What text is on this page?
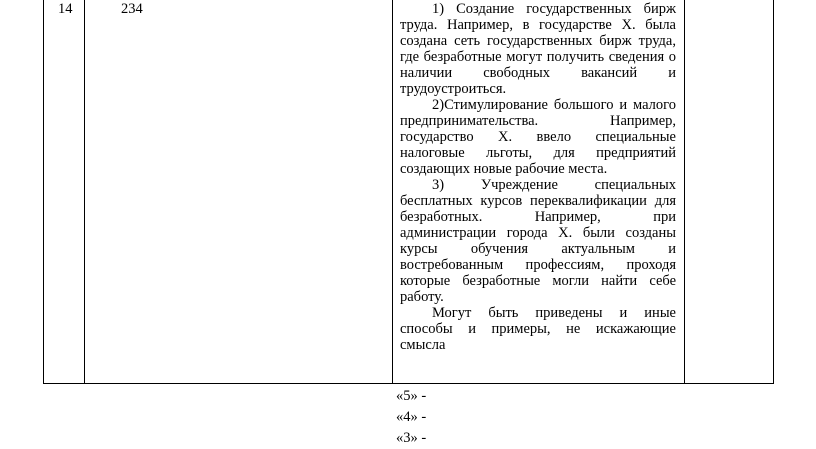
14	234	1) Создание государственных бирж труда. Например, в государстве Х. была создана сеть государственных бирж труда, где безработные могут получить сведения о наличии свободных вакансий и трудоустроиться.

2)Стимулирование большого и малого предпринимательства. Например, государство Х. ввело специальные налоговые льготы, для предприятий создающих новые рабочие места.

3) Учреждение специальных бесплатных курсов переквалификации для безработных. Например, при администрации города Х. были созданы курсы обучения актуальным и востребованным профессиям, проходя которые безработные могли найти себе работу.

Могут быть приведены и иные способы и примеры, не искажающие смысла

«5» -
«4» -
«3» -
